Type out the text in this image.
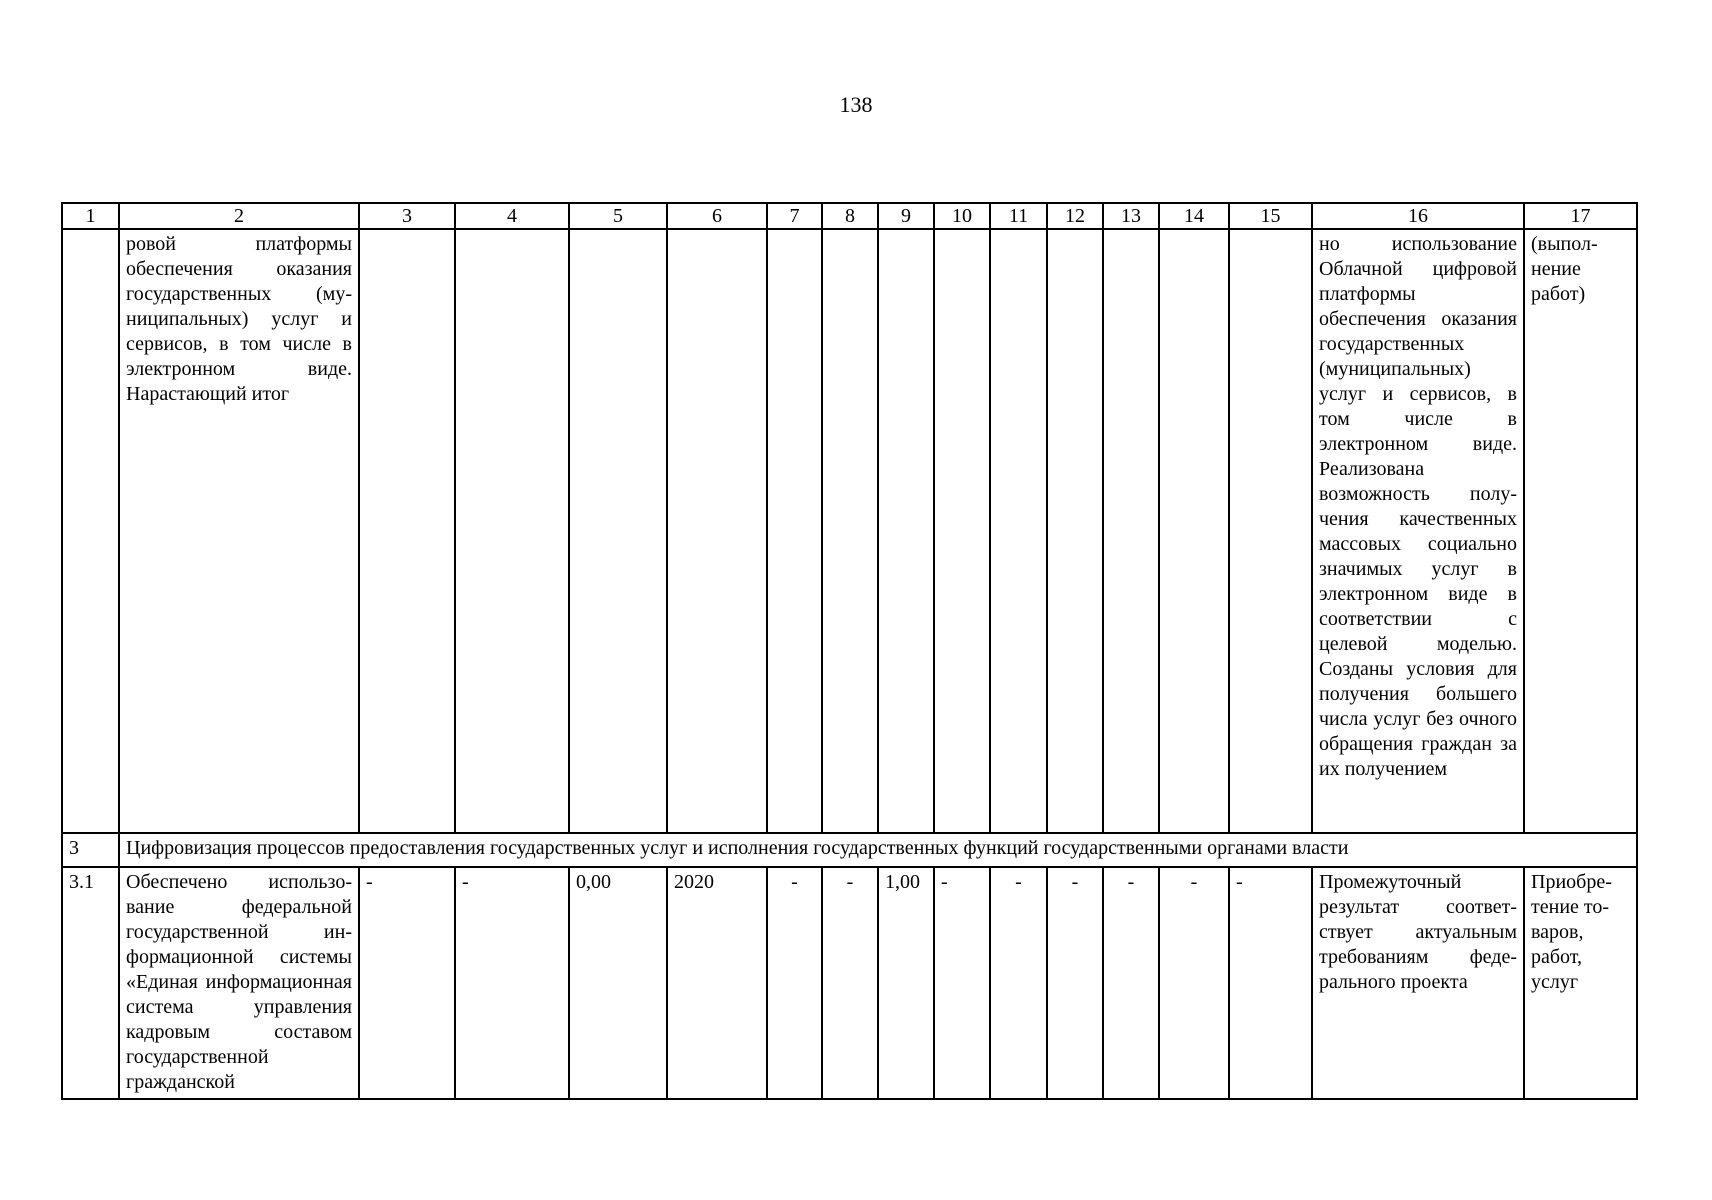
138
1	2	3	4	5	6	7	8	9	10	11	12	13	14	15	16	17
	ровой платформы обеспечения оказания государственных (муниципальных) услуг и сервисов, в том числе в электронном виде. Нарастающий итог														но использование Облачной цифровой платформы обеспечения оказания государственных (муниципальных) услуг и сервисов, в том числе в электронном виде. Реализована возможность получения качественных массовых социально значимых услуг в электронном виде в соответствии с целевой моделью. Созданы условия для получения большего числа услуг без очного обращения граждан за их получением	(выполнение работ)
3	Цифровизация процессов предоставления государственных услуг и исполнения государственных функций государственными органами власти															
3.1	Обеспечено использование федеральной государственной информационной системы «Единая информационная система управления кадровым составом государственной гражданской	-	-	0,00	2020	-	-	1,00	-	-	-	-	-	-	Промежуточный результат соответствует актуальным требованиям федерального проекта	Приобретение товаров, работ, услуг
